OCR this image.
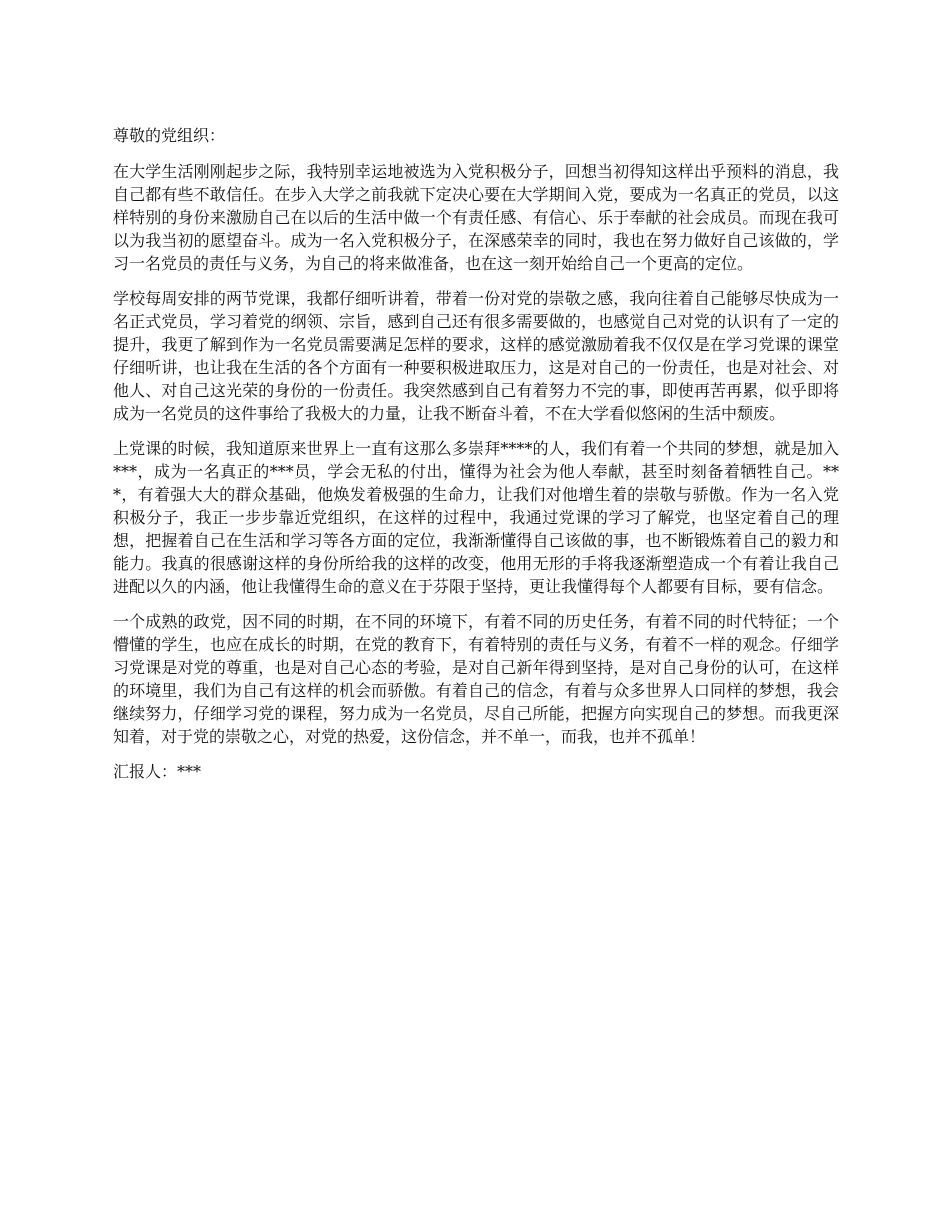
尊敬的党组织：

在大学生活刚刚起步之际，我特别幸运地被选为入党积极分子，回想当初得知这样出乎预料的消息，我自己都有些不敢信任。在步入大学之前我就下定决心要在大学期间入党，要成为一名真正的党员，以这样特别的身份来激励自己在以后的生活中做一个有责任感、有信心、乐于奉献的社会成员。而现在我可以为我当初的愿望奋斗。成为一名入党积极分子，在深感荣幸的同时，我也在努力做好自己该做的，学习一名党员的责任与义务，为自己的将来做准备，也在这一刻开始给自己一个更高的定位。

学校每周安排的两节党课，我都仔细听讲着，带着一份对党的崇敬之感，我向往着自己能够尽快成为一名正式党员，学习着党的纲领、宗旨，感到自己还有很多需要做的，也感觉自己对党的认识有了一定的提升，我更了解到作为一名党员需要满足怎样的要求，这样的感觉激励着我不仅仅是在学习党课的课堂仔细听讲，也让我在生活的各个方面有一种要积极进取压力，这是对自己的一份责任，也是对社会、对他人、对自己这光荣的身份的一份责任。我突然感到自己有着努力不完的事，即使再苦再累，似乎即将成为一名党员的这件事给了我极大的力量，让我不断奋斗着，不在大学看似悠闲的生活中颓废。

上党课的时候，我知道原来世界上一直有这那么多崇拜****的人，我们有着一个共同的梦想，就是加入***，成为一名真正的***员，学会无私的付出，懂得为社会为他人奉献，甚至时刻备着牺牲自己。***，有着强大大的群众基础，他焕发着极强的生命力，让我们对他增生着的崇敬与骄傲。作为一名入党积极分子，我正一步步靠近党组织，在这样的过程中，我通过党课的学习了解党，也坚定着自己的理想，把握着自己在生活和学习等各方面的定位，我渐渐懂得自己该做的事，也不断锻炼着自己的毅力和能力。我真的很感谢这样的身份所给我的这样的改变，他用无形的手将我逐渐塑造成一个有着让我自己进配以久的内涵，他让我懂得生命的意义在于芬限于坚持，更让我懂得每个人都要有目标，要有信念。

一个成熟的政党，因不同的时期，在不同的环境下，有着不同的历史任务，有着不同的时代特征；一个懵懂的学生，也应在成长的时期，在党的教育下，有着特别的责任与义务，有着不一样的观念。仔细学习党课是对党的尊重，也是对自己心态的考验，是对自己新年得到坚持，是对自己身份的认可，在这样的环境里，我们为自己有这样的机会而骄傲。有着自己的信念，有着与众多世界人口同样的梦想，我会继续努力，仔细学习党的课程，努力成为一名党员，尽自己所能，把握方向实现自己的梦想。而我更深知着，对于党的崇敬之心，对党的热爱，这份信念，并不单一，而我，也并不孤单！

汇报人：***
